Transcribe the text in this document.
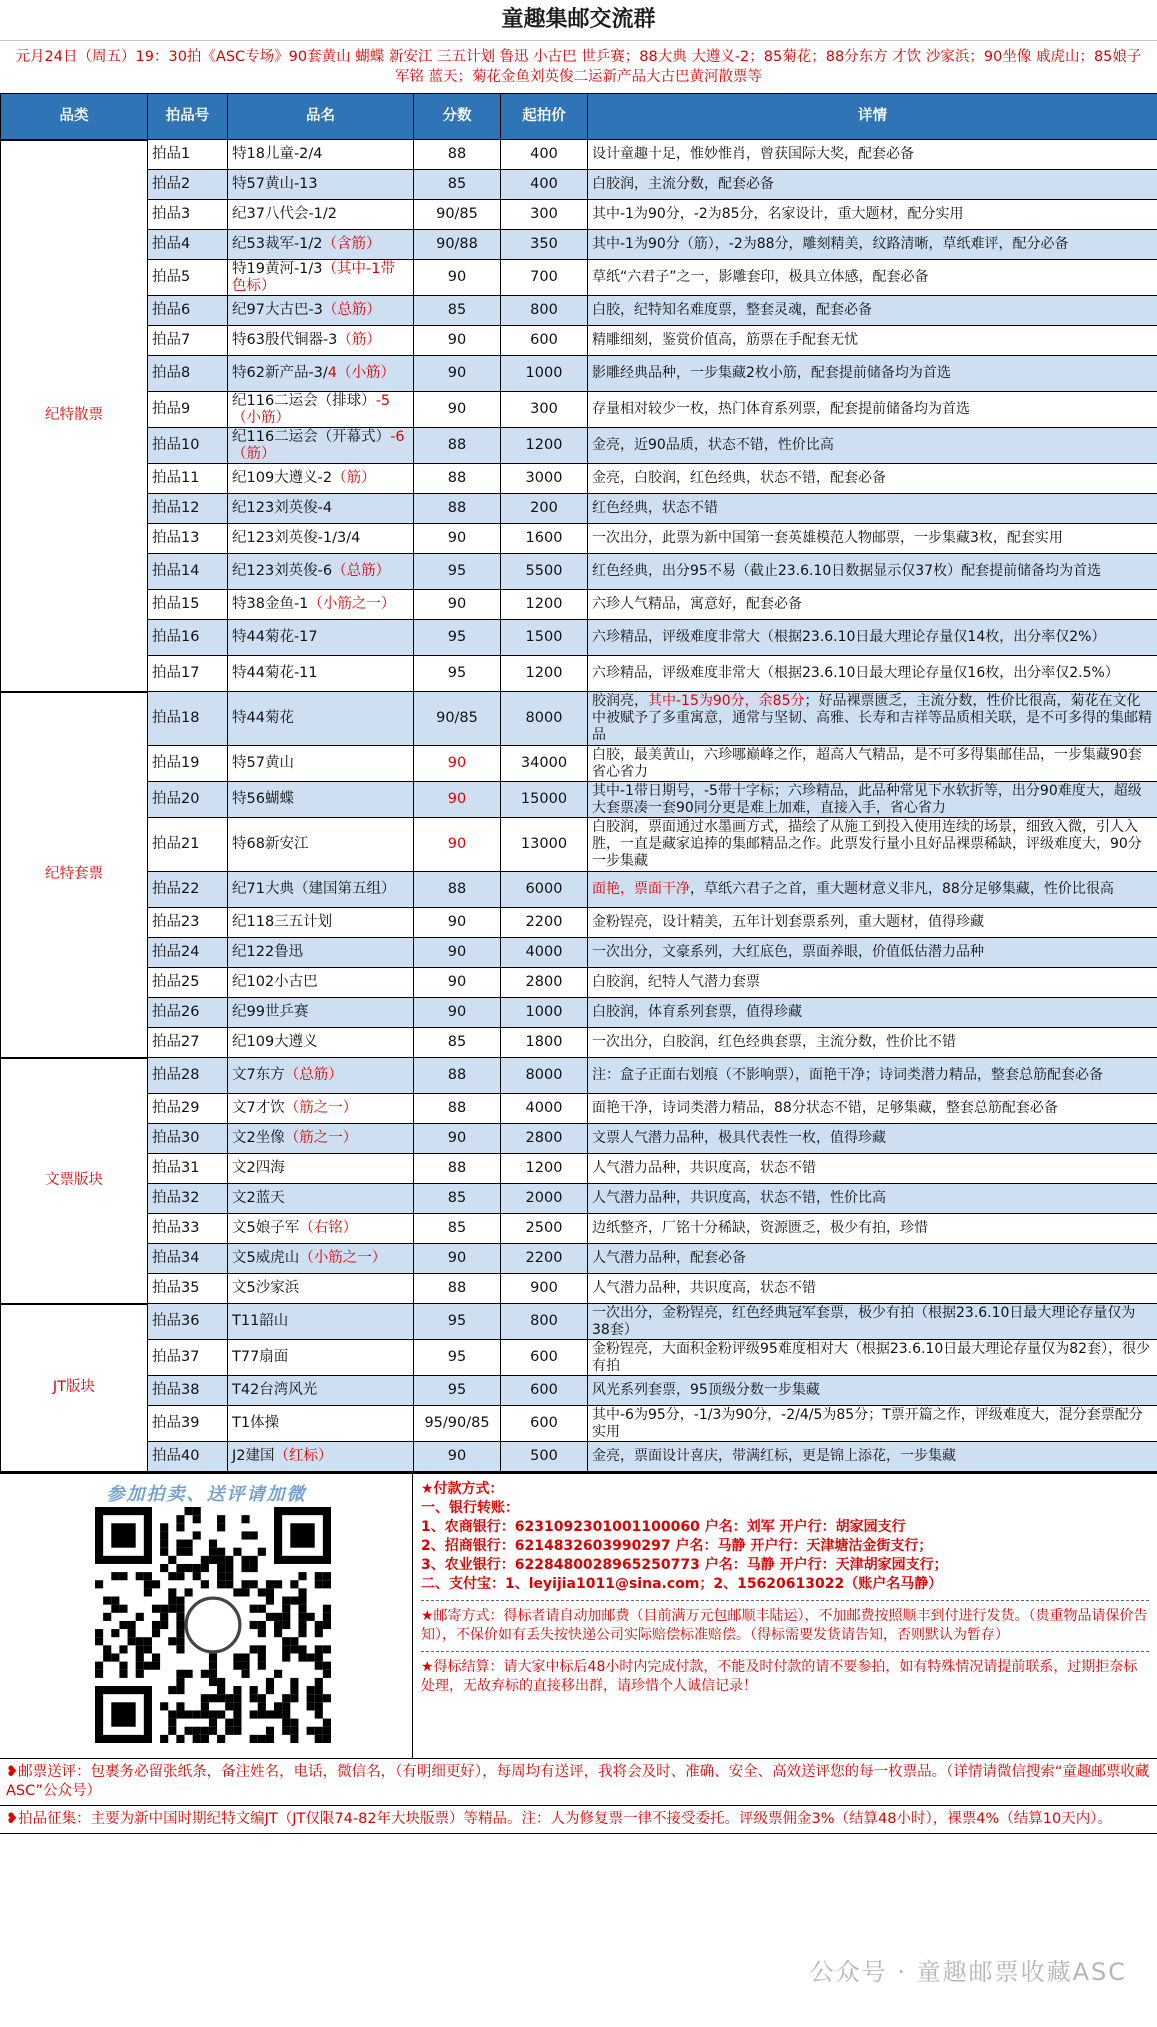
童趣集邮交流群
元月24日（周五）19：30拍《ASC专场》90套黄山 蝴蝶 新安江 三五计划 鲁迅 小古巴 世乒赛；88大典 大遵义-2；85菊花；88分东方 才饮 沙家浜；90坐像 戚虎山；85娘子军铭 蓝天；菊花金鱼刘英俊二运新产品大古巴黄河散票等
品类	拍品号	品名	分数	起拍价	详情
纪特散票	拍品1	特18儿童-2/4	88	400	设计童趣十足，惟妙惟肖，曾获国际大奖，配套必备
	拍品2	特57黄山-13	85	400	白胶润，主流分数，配套必备
	拍品3	纪37八代会-1/2	90/85	300	其中-1为90分，-2为85分，名家设计，重大题材，配分实用
	拍品4	纪53裁军-1/2（含筋）	90/88	350	其中-1为90分（筋），-2为88分，雕刻精美，纹路清晰，草纸难评，配分必备
	拍品5	特19黄河-1/3（其中-1带色标）	90	700	草纸“六君子”之一，影雕套印，极具立体感，配套必备
	拍品6	纪97大古巴-3（总筋）	85	800	白胶，纪特知名难度票，整套灵魂，配套必备
	拍品7	特63殷代铜器-3（筋）	90	600	精雕细刻，鉴赏价值高，筋票在手配套无忧
	拍品8	特62新产品-3/4（小筋）	90	1000	影雕经典品种，一步集藏2枚小筋，配套提前储备均为首选
	拍品9	纪116二运会（排球）-5（小筋）	90	300	存量相对较少一枚，热门体育系列票，配套提前储备均为首选
	拍品10	纪116二运会（开幕式）-6（筋）	88	1200	金亮，近90品质，状态不错，性价比高
	拍品11	纪109大遵义-2（筋）	88	3000	金亮，白胶润，红色经典，状态不错，配套必备
	拍品12	纪123刘英俊-4	88	200	红色经典，状态不错
	拍品13	纪123刘英俊-1/3/4	90	1600	一次出分，此票为新中国第一套英雄模范人物邮票，一步集藏3枚，配套实用
	拍品14	纪123刘英俊-6（总筋）	95	5500	红色经典，出分95不易（截止23.6.10日数据显示仅37枚）配套提前储备均为首选
	拍品15	特38金鱼-1（小筋之一）	90	1200	六珍人气精品，寓意好，配套必备
	拍品16	特44菊花-17	95	1500	六珍精品，评级难度非常大（根据23.6.10日最大理论存量仅14枚，出分率仅2%）
	拍品17	特44菊花-11	95	1200	六珍精品，评级难度非常大（根据23.6.10日最大理论存量仅16枚，出分率仅2.5%）
纪特套票	拍品18	特44菊花	90/85	8000	胶润亮，其中-15为90分，余85分；好品裸票匮乏，主流分数，性价比很高，菊花在文化中被赋予了多重寓意，通常与坚韧、高雅、长寿和吉祥等品质相关联，是不可多得的集邮精品
	拍品19	特57黄山	90	34000	白胶，最美黄山，六珍哪巅峰之作，超高人气精品，是不可多得集邮佳品，一步集藏90套省心省力
	拍品20	特56蝴蝶	90	15000	其中-1带日期号，-5带十字标；六珍精品，此品种常见下水软折等，出分90难度大，超级大套票凑一套90同分更是难上加难，直接入手，省心省力
	拍品21	特68新安江	90	13000	白胶润，票面通过水墨画方式，描绘了从施工到投入使用连续的场景，细致入微，引人入胜，一直是藏家追捧的集邮精品之作。此票发行量小且好品裸票稀缺，评级难度大，90分一步集藏
	拍品22	纪71大典（建国第五组）	88	6000	面艳，票面干净，草纸六君子之首，重大题材意义非凡，88分足够集藏，性价比很高
	拍品23	纪118三五计划	90	2200	金粉锃亮，设计精美，五年计划套票系列，重大题材，值得珍藏
	拍品24	纪122鲁迅	90	4000	一次出分，文豪系列，大红底色，票面养眼，价值低估潜力品种
	拍品25	纪102小古巴	90	2800	白胶润，纪特人气潜力套票
	拍品26	纪99世乒赛	90	1000	白胶润，体育系列套票，值得珍藏
	拍品27	纪109大遵义	85	1800	一次出分，白胶润，红色经典套票，主流分数，性价比不错
文票版块	拍品28	文7东方（总筋）	88	8000	注：盒子正面右划痕（不影响票），面艳干净；诗词类潜力精品，整套总筋配套必备
	拍品29	文7才饮（筋之一）	88	4000	面艳干净，诗词类潜力精品，88分状态不错，足够集藏，整套总筋配套必备
	拍品30	文2坐像（筋之一）	90	2800	文票人气潜力品种，极具代表性一枚，值得珍藏
	拍品31	文2四海	88	1200	人气潜力品种，共识度高，状态不错
	拍品32	文2蓝天	85	2000	人气潜力品种，共识度高，状态不错，性价比高
	拍品33	文5娘子军（右铭）	85	2500	边纸整齐，厂铭十分稀缺，资源匮乏，极少有拍，珍惜
	拍品34	文5威虎山（小筋之一）	90	2200	人气潜力品种，配套必备
	拍品35	文5沙家浜	88	900	人气潜力品种，共识度高，状态不错
JT版块	拍品36	T11韶山	95	800	一次出分，金粉锃亮，红色经典冠军套票，极少有拍（根据23.6.10日最大理论存量仅为38套）
	拍品37	T77扇面	95	600	金粉锃亮，大面积金粉评级95难度相对大（根据23.6.10日最大理论存量仅为82套），很少有拍
	拍品38	T42台湾风光	95	600	风光系列套票，95顶级分数一步集藏
	拍品39	T1体操	95/90/85	600	其中-6为95分，-1/3为90分，-2/4/5为85分；T票开篇之作，评级难度大，混分套票配分实用
	拍品40	J2建国（红标）	90	500	金亮，票面设计喜庆，带满红标，更是锦上添花，一步集藏
参加拍卖、送评请加微	★付款方式：
一、银行转账：
1、农商银行：6231092301001100060 户名：刘军 开户行：胡家园支行
2、招商银行：6214832603990297 户名：马静 开户行：天津塘沽金街支行；
3、农业银行：6228480028965250773 户名：马静 开户行：天津胡家园支行；
二、支付宝：1、leyijia1011@sina.com；2、15620613022（账户名马静）
★邮寄方式：得标者请自动加邮费（目前满万元包邮顺丰陆运），不加邮费按照顺丰到付进行发货。（贵重物品请保价告知），不保价如有丢失按快递公司实际赔偿标准赔偿。（得标需要发货请告知，否则默认为暂存）
★得标结算：请大家中标后48小时内完成付款，不能及时付款的请不要参拍，如有特殊情况请提前联系，过期拒奈标处理，无故弃标的直接移出群，请珍惜个人诚信记录！
❥邮票送评：包裹务必留张纸条，备注姓名，电话，微信名，（有明细更好），每周均有送评，我将会及时、准确、安全、高效送评您的每一枚票品。（详情请微信搜索“童趣邮票收藏ASC”公众号）
❥拍品征集：主要为新中国时期纪特文编JT（JT仅限74-82年大块版票）等精品。注：人为修复票一律不接受委托。评级票佣金3%（结算48小时），裸票4%（结算10天内）。
公众号 · 童趣邮票收藏ASC
